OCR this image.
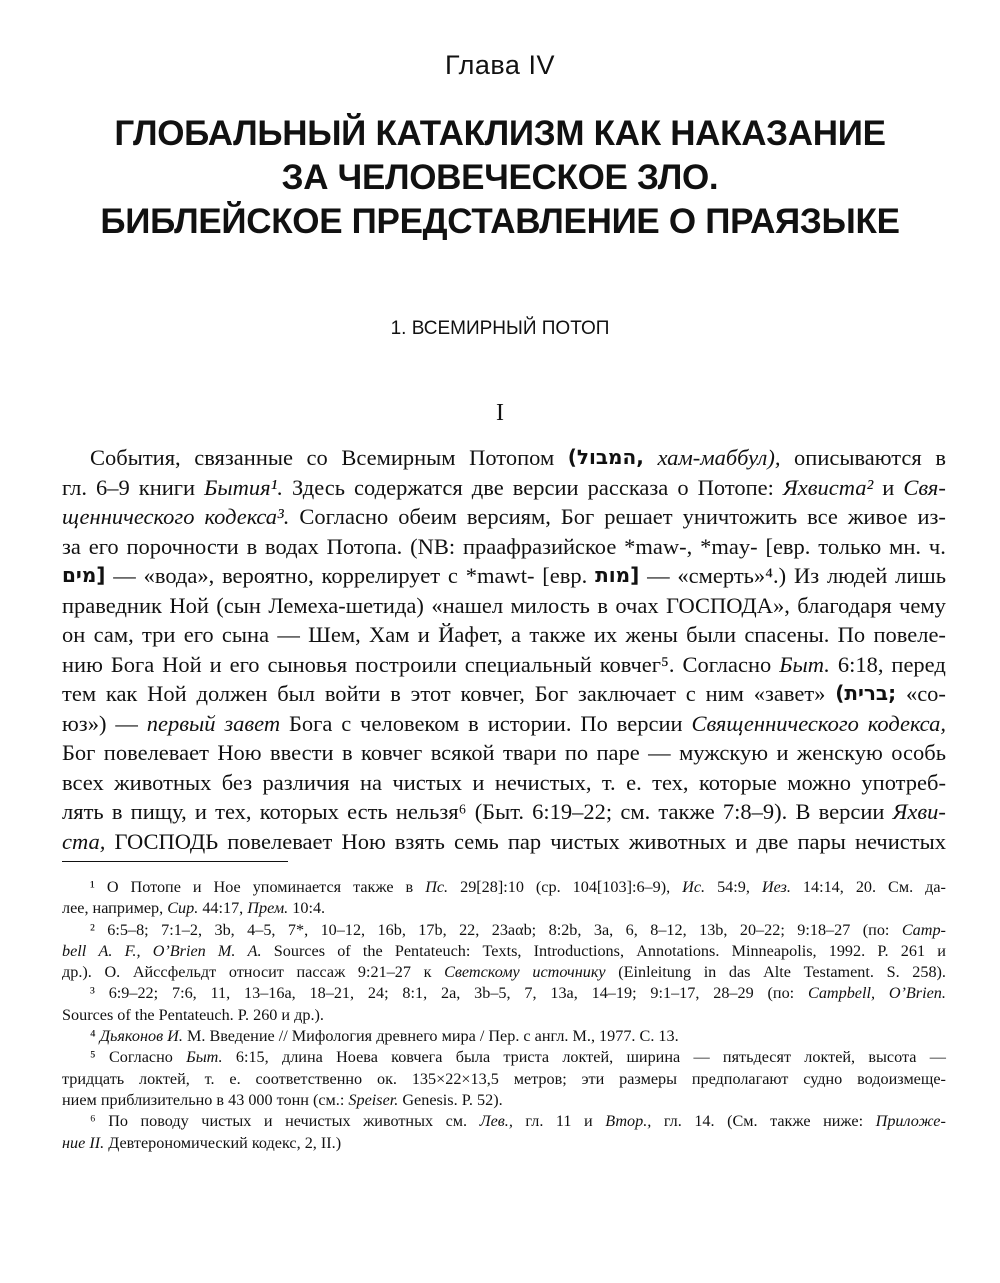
Глава IV
ГЛОБАЛЬНЫЙ КАТАКЛИЗМ КАК НАКАЗАНИЕ
ЗА ЧЕЛОВЕЧЕСКОЕ ЗЛО.
БИБЛЕЙСКОЕ ПРЕДСТАВЛЕНИЕ О ПРАЯЗЫКЕ
1. ВСЕМИРНЫЙ ПОТОП
I
События, связанные со Всемирным Потопом (המבול, хам-маббул), описываются в
гл. 6–9 книги Бытия¹. Здесь содержатся две версии рассказа о Потопе: Яхвиста² и Свя-
щеннического кодекса³. Согласно обеим версиям, Бог решает уничтожить все живое из-
за его порочности в водах Потопа. (NB: праафразийское *maw-, *may- [евр. только мн. ч.
מים] — «вода», вероятно, коррелирует с *mawt- [евр. מות] — «смерть»⁴.) Из людей лишь
праведник Ной (сын Лемеха-шетида) «нашел милость в очах ГОСПОДА», благодаря чему
он сам, три его сына — Шем, Хам и Йафет, а также их жены были спасены. По повеле-
нию Бога Ной и его сыновья построили специальный ковчег⁵. Согласно Быт. 6:18, перед
тем как Ной должен был войти в этот ковчег, Бог заключает с ним «завет» (ברית; «со-
юз») — первый завет Бога с человеком в истории. По версии Священнического кодекса,
Бог повелевает Ною ввести в ковчег всякой твари по паре — мужскую и женскую особь
всех животных без различия на чистых и нечистых, т. е. тех, которые можно употреб-
лять в пищу, и тех, которых есть нельзя⁶ (Быт. 6:19–22; см. также 7:8–9). В версии Яхви-
ста, ГОСПОДЬ повелевает Ною взять семь пар чистых животных и две пары нечистых
¹ О Потопе и Ное упоминается также в Пс. 29[28]:10 (ср. 104[103]:6–9), Ис. 54:9, Иез. 14:14, 20. См. да-
лее,
например,
Сир.
44:17,
Прем.
10:4.
² 6:5–8; 7:1–2, 3b, 4–5, 7*, 10–12, 16b, 17b, 22, 23aαb; 8:2b, 3a, 6, 8–12, 13b, 20–22; 9:18–27 (по: Camp-
bell A. F., O’Brien M. A. Sources of the Pentateuch: Texts, Introductions, Annotations. Minneapolis, 1992. P. 261 и
др.). О. Айссфельдт относит пассаж 9:21–27 к Светскому источнику (Einleitung in das Alte Testament. S. 258).
³ 6:9–22; 7:6, 11, 13–16a, 18–21, 24; 8:1, 2a, 3b–5, 7, 13a, 14–19; 9:1–17, 28–29 (по: Campbell, O’Brien.
Sources
of
the
Pentateuch.
P.
260
и
др.).
⁴
Дьяконов
И.
М.
Введение
//
Мифология
древнего
мира
/
Пер.
с
англ.
М.,
1977.
С.
13.
⁵ Согласно Быт. 6:15, длина Ноева ковчега была триста локтей, ширина — пятьдесят локтей, высота —
тридцать локтей, т. е. соответственно ок. 135×22×13,5 метров; эти размеры предполагают судно водоизмеще-
нием
приблизительно
в
43
000
тонн
(см.:
Speiser.
Genesis.
P.
52).
⁶ По поводу чистых и нечистых животных см. Лев., гл. 11 и Втор., гл. 14. (См. также ниже: Приложе-
ние
II.
Девтерономический
кодекс,
2,
II.)
